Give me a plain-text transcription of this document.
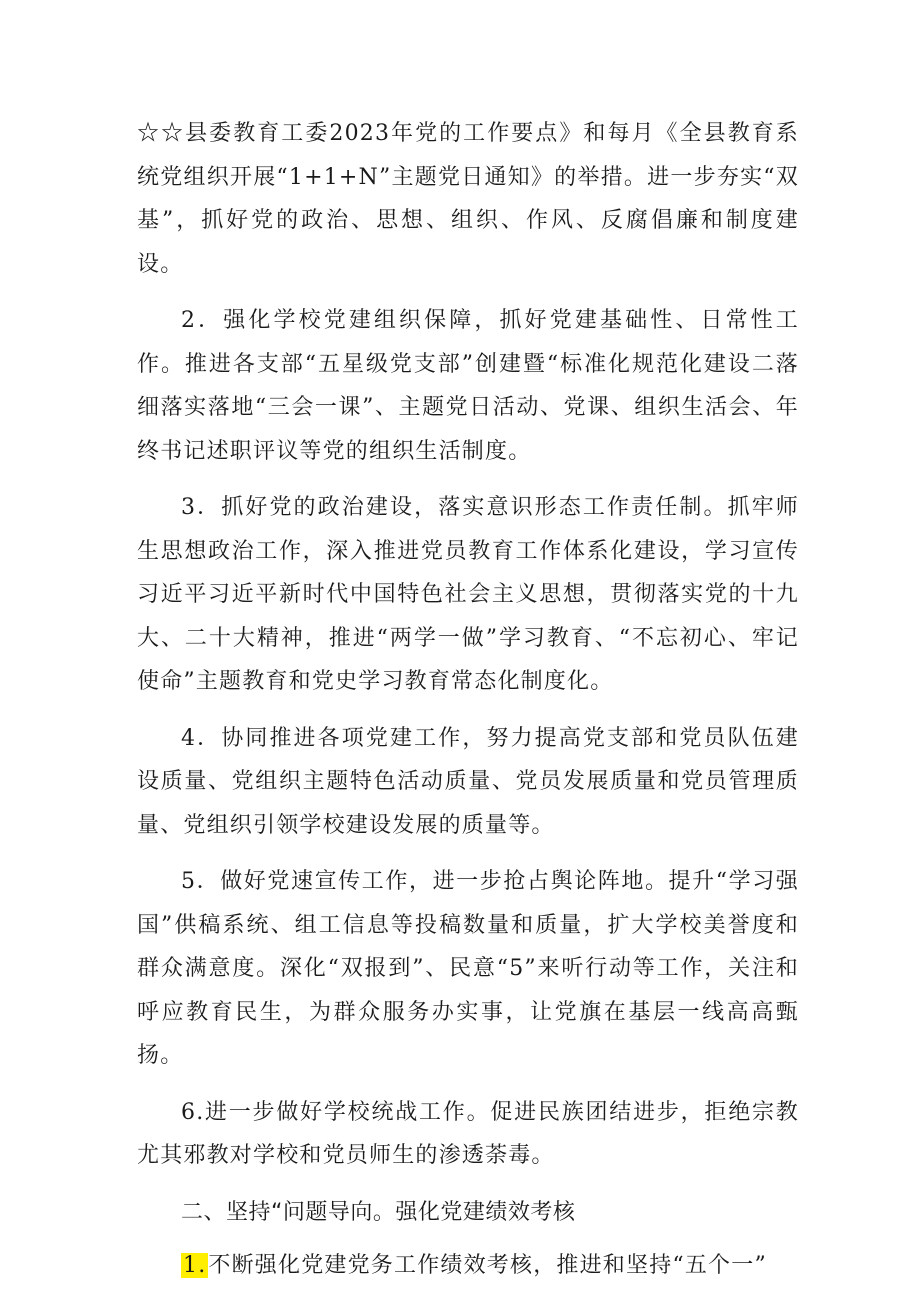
☆☆县委教育工委2023年党的工作要点》和每月《全县教育系统党组织开展“1+1+N”主题党日通知》的举措。进一步夯实“双基”，抓好党的政治、思想、组织、作风、反腐倡廉和制度建设。

2．强化学校党建组织保障，抓好党建基础性、日常性工作。推进各支部“五星级党支部”创建暨“标准化规范化建设二落细落实落地“三会一课”、主题党日活动、党课、组织生活会、年终书记述职评议等党的组织生活制度。

3．抓好党的政治建设，落实意识形态工作责任制。抓牢师生思想政治工作，深入推进党员教育工作体系化建设，学习宣传习近平习近平新时代中国特色社会主义思想，贯彻落实党的十九大、二十大精神，推进“两学一做”学习教育、“不忘初心、牢记使命”主题教育和党史学习教育常态化制度化。

4．协同推进各项党建工作，努力提高党支部和党员队伍建设质量、党组织主题特色活动质量、党员发展质量和党员管理质量、党组织引领学校建设发展的质量等。

5．做好党速宣传工作，进一步抢占舆论阵地。提升“学习强国”供稿系统、组工信息等投稿数量和质量，扩大学校美誉度和群众满意度。深化“双报到”、民意“5”来听行动等工作，关注和呼应教育民生，为群众服务办实事，让党旗在基层一线高高甄扬。

6.进一步做好学校统战工作。促进民族团结进步，拒绝宗教尤其邪教对学校和党员师生的渗透荼毒。

二、坚持“问题导向。强化党建绩效考核

1.不断强化党建党务工作绩效考核，推进和坚持“五个一”
